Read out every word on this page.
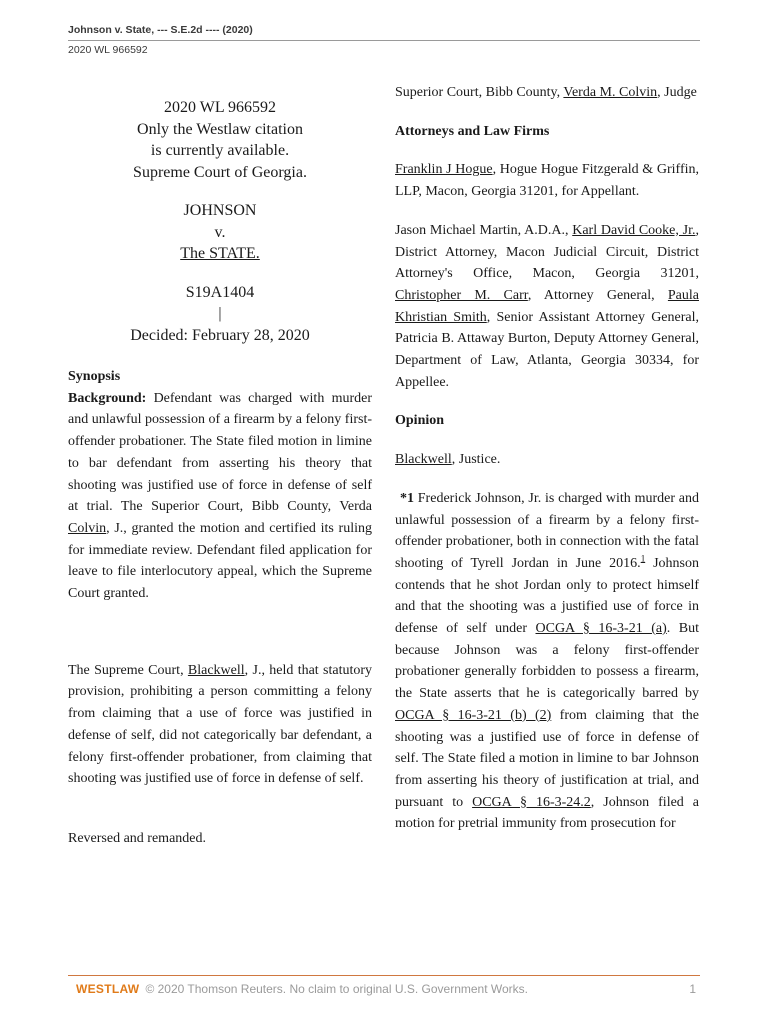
Johnson v. State, --- S.E.2d ---- (2020)
2020 WL 966592
2020 WL 966592
Only the Westlaw citation
is currently available.
Supreme Court of Georgia.
JOHNSON
v.
The STATE.
S19A1404
|
Decided: February 28, 2020
Synopsis

Background: Defendant was charged with murder and unlawful possession of a firearm by a felony first-offender probationer. The State filed motion in limine to bar defendant from asserting his theory that shooting was justified use of force in defense of self at trial. The Superior Court, Bibb County, Verda Colvin, J., granted the motion and certified its ruling for immediate review. Defendant filed application for leave to file interlocutory appeal, which the Supreme Court granted.

The Supreme Court, Blackwell, J., held that statutory provision, prohibiting a person committing a felony from claiming that a use of force was justified in defense of self, did not categorically bar defendant, a felony first-offender probationer, from claiming that shooting was justified use of force in defense of self.

Reversed and remanded.

Superior Court, Bibb County, Verda M. Colvin, Judge

Attorneys and Law Firms

Franklin J Hogue, Hogue Hogue Fitzgerald & Griffin, LLP, Macon, Georgia 31201, for Appellant.

Jason Michael Martin, A.D.A., Karl David Cooke, Jr., District Attorney, Macon Judicial Circuit, District Attorney's Office, Macon, Georgia 31201, Christopher M. Carr, Attorney General, Paula Khristian Smith, Senior Assistant Attorney General, Patricia B. Attaway Burton, Deputy Attorney General, Department of Law, Atlanta, Georgia 30334, for Appellee.

Opinion

Blackwell, Justice.

*1 Frederick Johnson, Jr. is charged with murder and unlawful possession of a firearm by a felony first-offender probationer, both in connection with the fatal shooting of Tyrell Jordan in June 2016.$^1$ Johnson contends that he shot Jordan only to protect himself and that the shooting was a justified use of force in defense of self under OCGA § 16-3-21 (a). But because Johnson was a felony first-offender probationer generally forbidden to possess a firearm, the State asserts that he is categorically barred by OCGA § 16-3-21 (b) (2) from claiming that the shooting was a justified use of force in defense of self. The State filed a motion in limine to bar Johnson from asserting his theory of justification at trial, and pursuant to OCGA § 16-3-24.2, Johnson filed a motion for pretrial immunity from prosecution for

WESTLAW © 2020 Thomson Reuters. No claim to original U.S. Government Works.	1
